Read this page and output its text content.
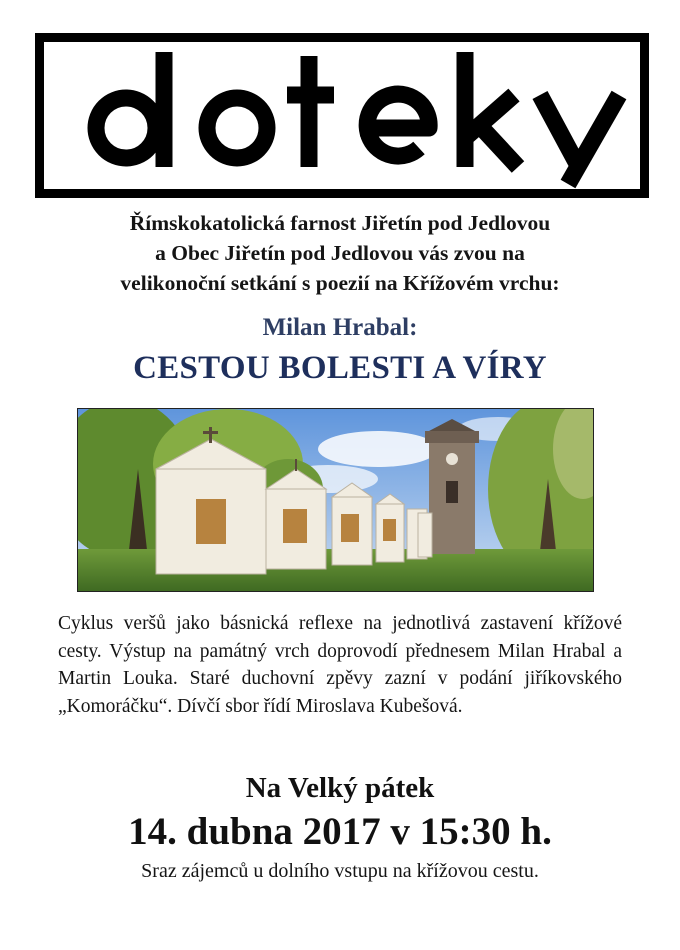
Římskokatolická farnost Jiřetín pod Jedlovou
a Obec Jiřetín pod Jedlovou vás zvou na
velikonoční setkání s poezií na Křížovém vrchu:
Milan Hrabal:
CESTOU BOLESTI A VÍRY

Cyklus veršů jako básnická reflexe na jednotlivá zastavení křížové cesty. Výstup na památný vrch doprovodí přednesem Milan Hrabal a Martin Louka. Staré duchovní zpěvy zazní v podání jiříkovského „Komoráčku“. Dívčí sbor řídí Miroslava Kubešová.

Na Velký pátek
14. dubna 2017 v 15:30 h.
Sraz zájemců u dolního vstupu na křížovou cestu.
